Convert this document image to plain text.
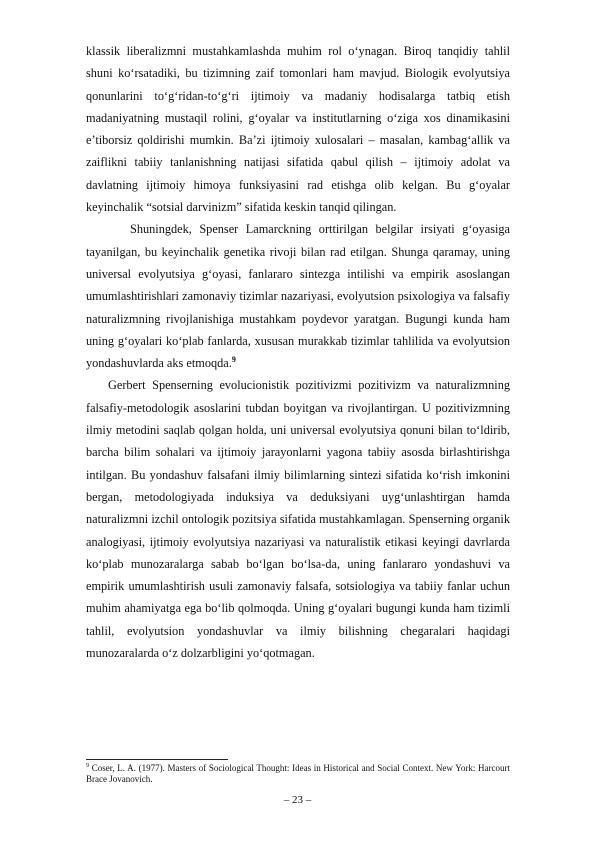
klassik liberalizmni mustahkamlashda muhim rol o‘ynagan. Biroq tanqidiy tahlil shuni ko‘rsatadiki, bu tizimning zaif tomonlari ham mavjud. Biologik evolyutsiya qonunlarini to‘g‘ridan-to‘g‘ri ijtimoiy va madaniy hodisalarga tatbiq etish madaniyatning mustaqil rolini, g‘oyalar va institutlarning o‘ziga xos dinamikasini e’tiborsiz qoldirishi mumkin. Ba’zi ijtimoiy xulosalari – masalan, kambag‘allik va zaiflikni tabiiy tanlanishning natijasi sifatida qabul qilish – ijtimoiy adolat va davlatning ijtimoiy himoya funksiyasini rad etishga olib kelgan. Bu g‘oyalar keyinchalik “sotsial darvinizm” sifatida keskin tanqid qilingan.

Shuningdek, Spenser Lamarckning orttirilgan belgilar irsiyati g‘oyasiga tayanilgan, bu keyinchalik genetika rivoji bilan rad etilgan. Shunga qaramay, uning universal evolyutsiya g‘oyasi, fanlararo sintezga intilishi va empirik asoslangan umumlashtirishlari zamonaviy tizimlar nazariyasi, evolyutsion psixologiya va falsafiy naturalizmning rivojlanishiga mustahkam poydevor yaratgan. Bugungi kunda ham uning g‘oyalari ko‘plab fanlarda, xususan murakkab tizimlar tahlilida va evolyutsion yondashuvlarda aks etmoqda.$^9$

Gerbert Spenserning evolucionistik pozitivizmi pozitivizm va naturalizmning falsafiy-metodologik asoslarini tubdan boyitgan va rivojlantirgan. U pozitivizmning ilmiy metodini saqlab qolgan holda, uni universal evolyutsiya qonuni bilan to‘ldirib, barcha bilim sohalari va ijtimoiy jarayonlarni yagona tabiiy asosda birlashtirishga intilgan. Bu yondashuv falsafani ilmiy bilimlarning sintezi sifatida ko‘rish imkonini bergan, metodologiyada induksiya va deduksiyani uyg‘unlashtirgan hamda naturalizmni izchil ontologik pozitsiya sifatida mustahkamlagan. Spenserning organik analogiyasi, ijtimoiy evolyutsiya nazariyasi va naturalistik etikasi keyingi davrlarda ko‘plab munozaralarga sabab bo‘lgan bo‘lsa-da, uning fanlararo yondashuvi va empirik umumlashtirish usuli zamonaviy falsafa, sotsiologiya va tabiiy fanlar uchun muhim ahamiyatga ega bo‘lib qolmoqda. Uning g‘oyalari bugungi kunda ham tizimli tahlil, evolyutsion yondashuvlar va ilmiy bilishning chegaralari haqidagi munozaralarda o‘z dolzarbligini yo‘qotmagan.

$^9$ Coser, L. A. (1977). Masters of Sociological Thought: Ideas in Historical and Social Context. New York: Harcourt Brace Jovanovich.
– 23 –
